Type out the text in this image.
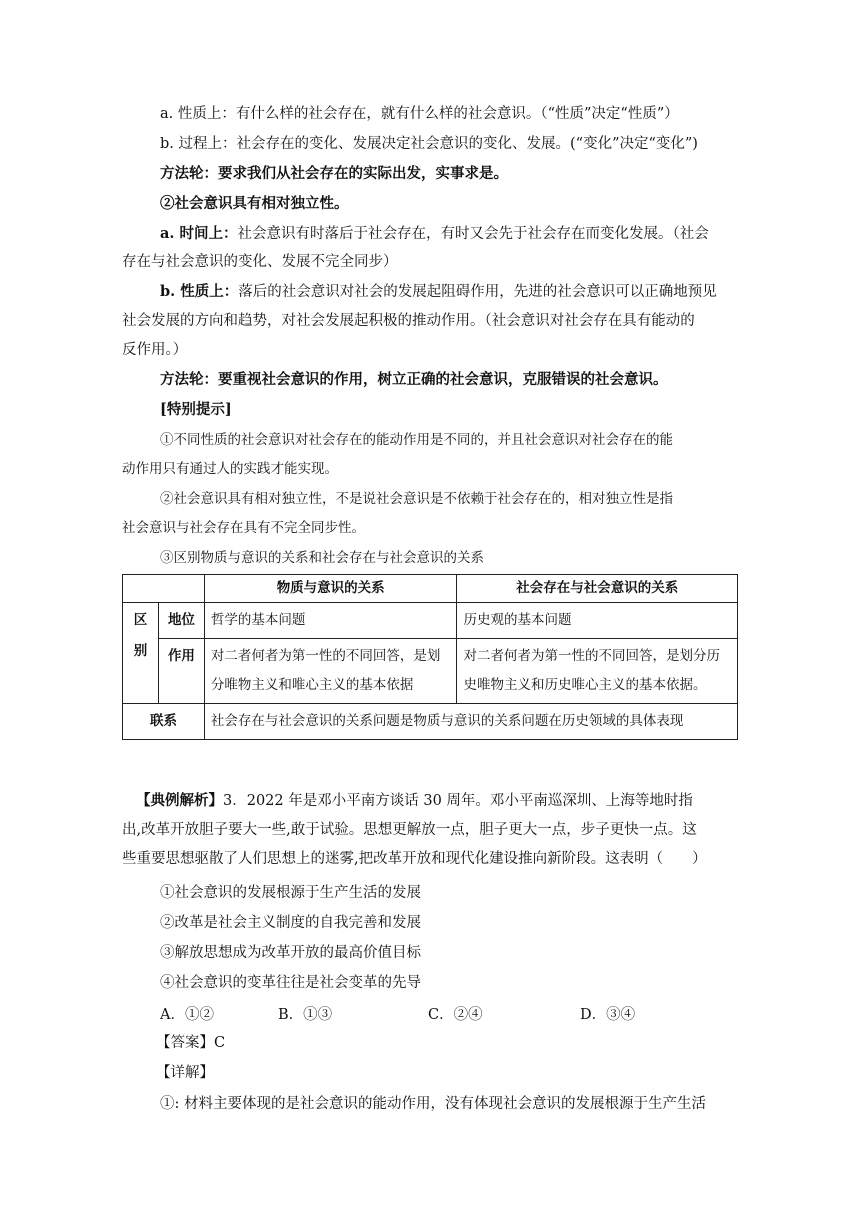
a. 性质上：有什么样的社会存在，就有什么样的社会意识。（“性质”决定“性质”）
b. 过程上：社会存在的变化、发展决定社会意识的变化、发展。(“变化”决定“变化”)
方法轮：要求我们从社会存在的实际出发，实事求是。
②社会意识具有相对独立性。
a. 时间上：社会意识有时落后于社会存在，有时又会先于社会存在而变化发展。（社会
存在与社会意识的变化、发展不完全同步）
b. 性质上：落后的社会意识对社会的发展起阻碍作用，先进的社会意识可以正确地预见
社会发展的方向和趋势，对社会发展起积极的推动作用。（社会意识对社会存在具有能动的
反作用。）
方法轮：要重视社会意识的作用，树立正确的社会意识，克服错误的社会意识。
[特别提示]
①不同性质的社会意识对社会存在的能动作用是不同的，并且社会意识对社会存在的能
动作用只有通过人的实践才能实现。
②社会意识具有相对独立性，不是说社会意识是不依赖于社会存在的，相对独立性是指
社会意识与社会存在具有不完全同步性。
③区别物质与意识的关系和社会存在与社会意识的关系
		物质与意识的关系	社会存在与社会意识的关系

区
别	地位	哲学的基本问题	历史观的基本问题
	作用	对二者何者为第一性的不同回答，是划分唯物主义和唯心主义的基本依据	对二者何者为第一性的不同回答，是划分历史唯物主义和历史唯心主义的基本依据。
联系		社会存在与社会意识的关系问题是物质与意识的关系问题在历史领域的具体表现	
【典例解析】3．2022 年是邓小平南方谈话 30 周年。邓小平南巡深圳、上海等地时指
出,改革开放胆子要大一些,敢于试验。思想更解放一点，胆子更大一点，步子更快一点。这
些重要思想驱散了人们思想上的迷雾,把改革开放和现代化建设推向新阶段。这表明（　　）
①社会意识的发展根源于生产生活的发展
②改革是社会主义制度的自我完善和发展
③解放思想成为改革开放的最高价值目标
④社会意识的变革往往是社会变革的先导
A．①②	B．①③	C．②④	D．③④
【答案】C
【详解】
①: 材料主要体现的是社会意识的能动作用，没有体现社会意识的发展根源于生产生活
